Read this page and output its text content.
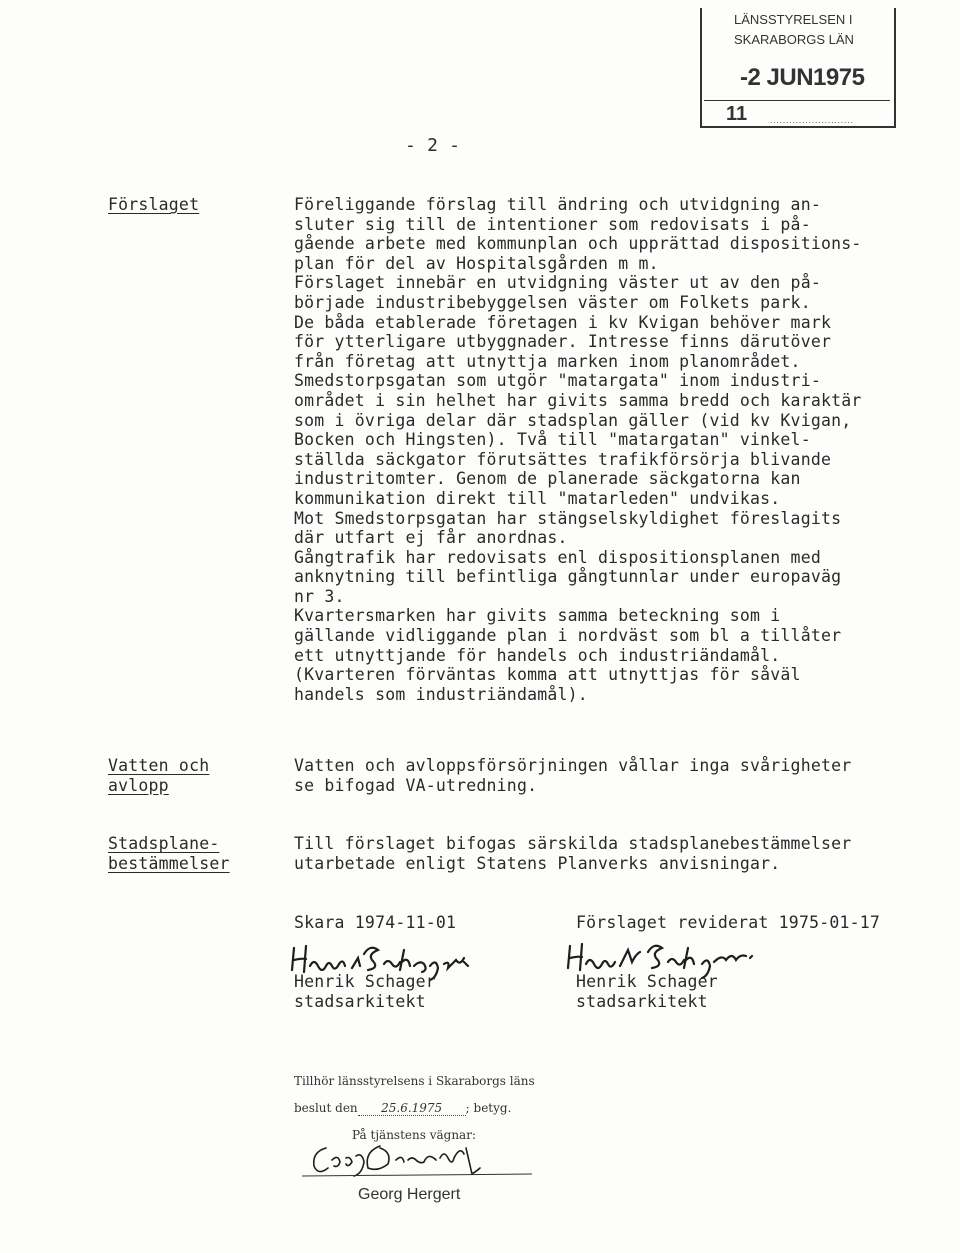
LÄNSSTYRELSEN I
SKARABORGS LÄN
-2 JUN1975
11	..........................
- 2 -
Förslaget	Föreliggande förslag till ändring och utvidgning an-
sluter sig till de intentioner som redovisats i på-
gående arbete med kommunplan och upprättad dispositions-
plan för del av Hospitalsgården m m.
Förslaget innebär en utvidgning väster ut av den på-
började industribebyggelsen väster om Folkets park.
De båda etablerade företagen i kv Kvigan behöver mark
för ytterligare utbyggnader. Intresse finns därutöver
från företag att utnyttja marken inom planområdet.
Smedstorpsgatan som utgör "matargata" inom industri-
området i sin helhet har givits samma bredd och karaktär
som i övriga delar där stadsplan gäller (vid kv Kvigan,
Bocken och Hingsten). Två till "matargatan" vinkel-
ställda säckgator förutsättes trafikförsörja blivande
industritomter. Genom de planerade säckgatorna kan
kommunikation direkt till "matarleden" undvikas.
Mot Smedstorpsgatan har stängselskyldighet föreslagits
där utfart ej får anordnas.
Gångtrafik har redovisats enl dispositionsplanen med
anknytning till befintliga gångtunnlar under europaväg
nr 3.
Kvartersmarken har givits samma beteckning som i
gällande vidliggande plan i nordväst som bl a tillåter
ett utnyttjande för handels och industriändamål.
(Kvarteren förväntas komma att utnyttjas för såväl
handels som industriändamål).
Vatten och
avlopp
Vatten och avloppsförsörjningen vållar inga svårigheter
se bifogad VA-utredning.
Stadsplane-
bestämmelser
Till förslaget bifogas särskilda stadsplanebestämmelser
utarbetade enligt Statens Planverks anvisningar.
Skara 1974-11-01
Henrik Schager
stadsarkitekt
Förslaget reviderat 1975-01-17
Henrik Schager
stadsarkitekt
Tillhör länsstyrelsens i Skaraborgs läns
beslut den 25.6.1975 ; betyg.
På tjänstens vägnar:
Georg Hergert
